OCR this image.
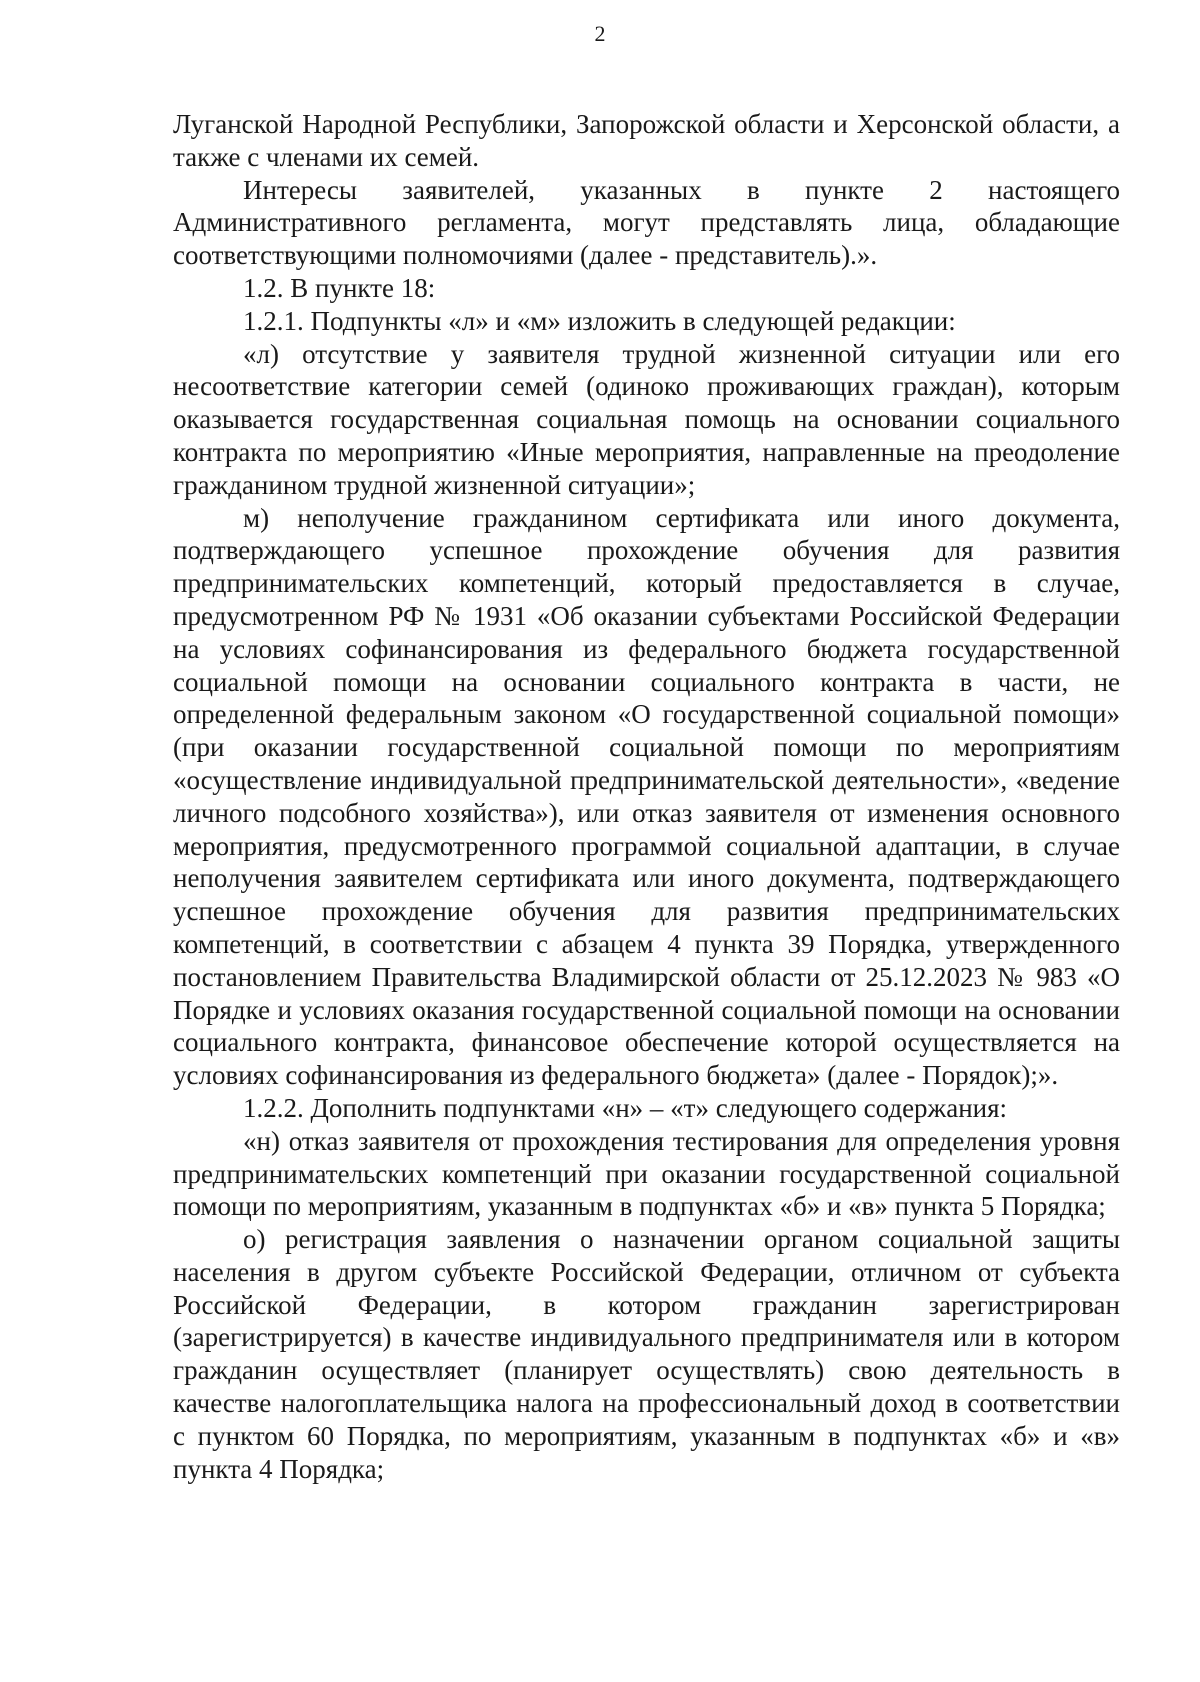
2

Луганской Народной Республики, Запорожской области и Херсонской области, а также с членами их семей.

Интересы заявителей, указанных в пункте 2 настоящего Административного регламента, могут представлять лица, обладающие соответствующими полномочиями (далее - представитель).».

1.2. В пункте 18:

1.2.1. Подпункты «л» и «м» изложить в следующей редакции:

«л) отсутствие у заявителя трудной жизненной ситуации или его несоответствие категории семей (одиноко проживающих граждан), которым оказывается государственная социальная помощь на основании социального контракта по мероприятию «Иные мероприятия, направленные на преодоление гражданином трудной жизненной ситуации»;

м) неполучение гражданином сертификата или иного документа, подтверждающего успешное прохождение обучения для развития предпринимательских компетенций, который предоставляется в случае, предусмотренном РФ № 1931 «Об оказании субъектами Российской Федерации на условиях софинансирования из федерального бюджета государственной социальной помощи на основании социального контракта в части, не определенной федеральным законом «О государственной социальной помощи» (при оказании государственной социальной помощи по мероприятиям «осуществление индивидуальной предпринимательской деятельности», «ведение личного подсобного хозяйства»), или отказ заявителя от изменения основного мероприятия, предусмотренного программой социальной адаптации, в случае неполучения заявителем сертификата или иного документа, подтверждающего успешное прохождение обучения для развития предпринимательских компетенций, в соответствии с абзацем 4 пункта 39 Порядка, утвержденного постановлением Правительства Владимирской области от 25.12.2023 № 983 «О Порядке и условиях оказания государственной социальной помощи на основании социального контракта, финансовое обеспечение которой осуществляется на условиях софинансирования из федерального бюджета» (далее - Порядок);».

1.2.2. Дополнить подпунктами «н» – «т» следующего содержания:

«н) отказ заявителя от прохождения тестирования для определения уровня предпринимательских компетенций при оказании государственной социальной помощи по мероприятиям, указанным в подпунктах «б» и «в» пункта 5 Порядка;

о) регистрация заявления о назначении органом социальной защиты населения в другом субъекте Российской Федерации, отличном от субъекта Российской Федерации, в котором гражданин зарегистрирован (зарегистрируется) в качестве индивидуального предпринимателя или в котором гражданин осуществляет (планирует осуществлять) свою деятельность в качестве налогоплательщика налога на профессиональный доход в соответствии с пунктом 60 Порядка, по мероприятиям, указанным в подпунктах «б» и «в» пункта 4 Порядка;
